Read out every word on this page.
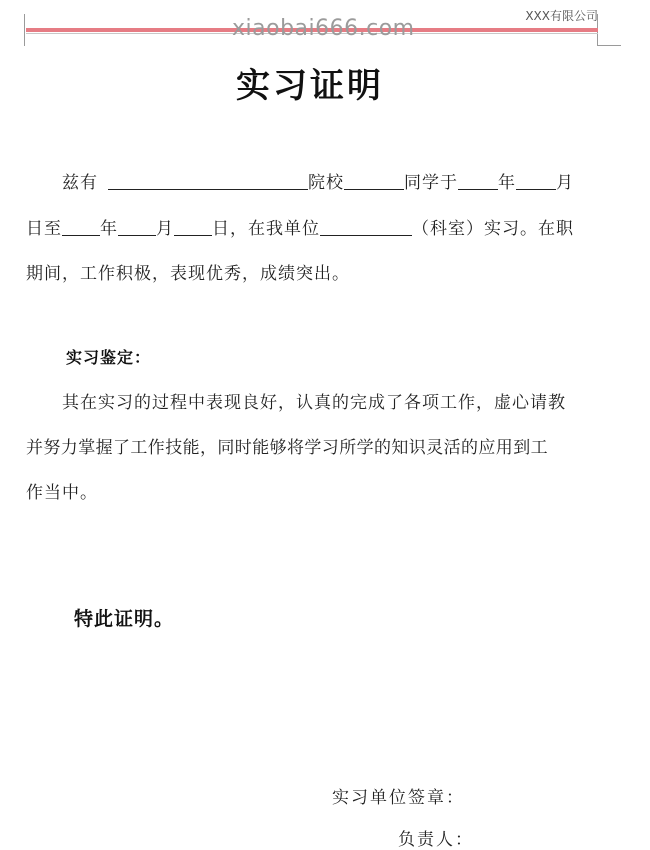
XXX有限公司
xiaobai666.com
实习证明
兹有	院校	同学于 年 月
日至 年 月 日，在我单位	（科室）实习。在职
期间，工作积极，表现优秀，成绩突出。
实习鉴定：
其在实习的过程中表现良好，认真的完成了各项工作，虚心请教
并努力掌握了工作技能，同时能够将学习所学的知识灵活的应用到工
作当中。
特此证明。
实习单位签章：
负责人：
